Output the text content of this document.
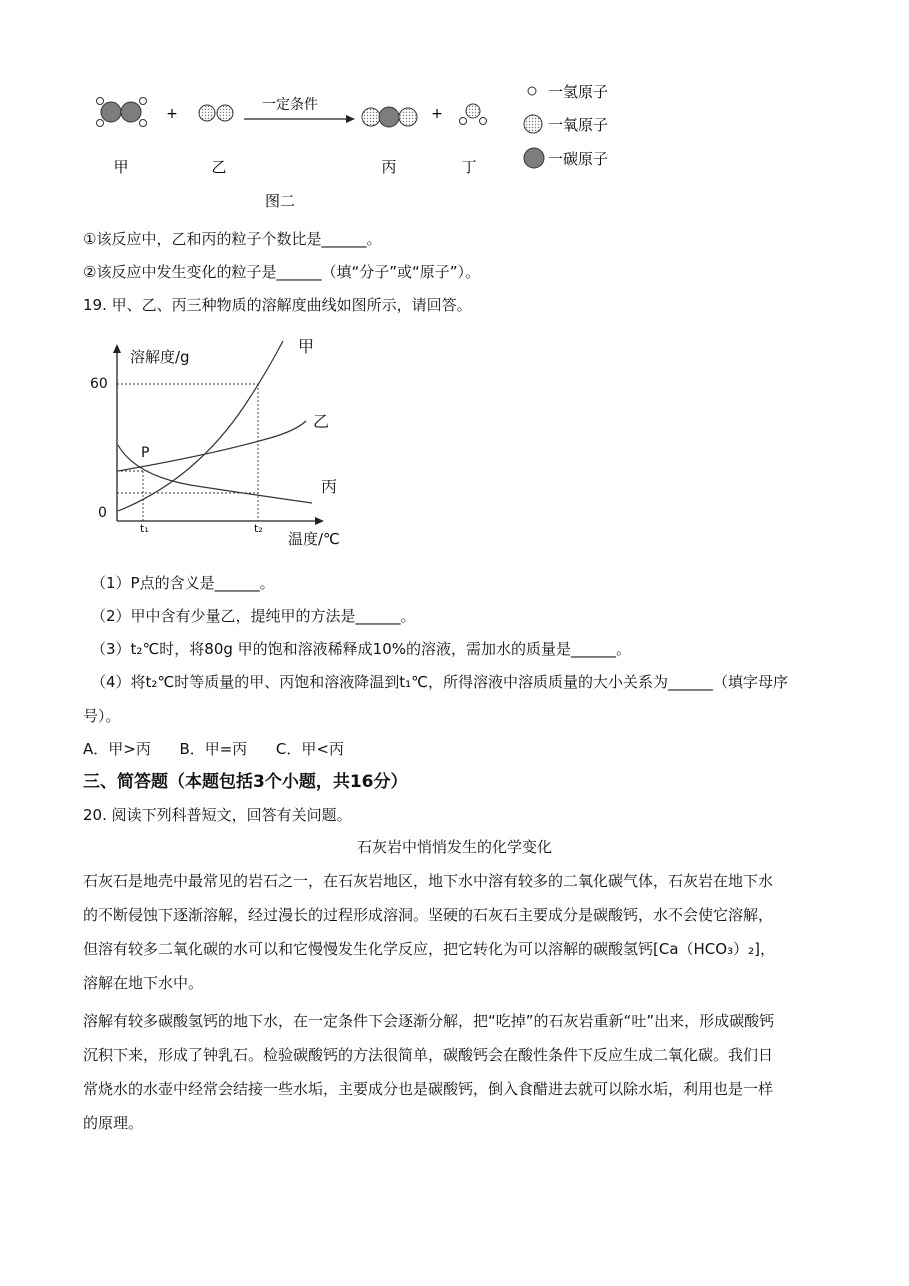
+
一定条件
+
甲	乙	丙	丁
一氢原子
一氧原子
一碳原子
图二
①该反应中，乙和丙的粒子个数比是______。
②该反应中发生变化的粒子是______（填“分子”或“原子”）。
19. 甲、乙、丙三种物质的溶解度曲线如图所示，请回答。
溶解度/g
温度/℃
60
0
t₁	t₂
甲
乙
丙
P
（1）P点的含义是______。
（2）甲中含有少量乙，提纯甲的方法是______。
（3）t₂℃时，将80g 甲的饱和溶液稀释成10%的溶液，需加水的质量是______。
（4）将t₂℃时等质量的甲、丙饱和溶液降温到t₁℃，所得溶液中溶质质量的大小关系为______（填字母序
号）。
A．甲>丙      B．甲=丙      C．甲<丙
三、简答题（本题包括3个小题，共16分）
20. 阅读下列科普短文，回答有关问题。
石灰岩中悄悄发生的化学变化
石灰石是地壳中最常见的岩石之一，在石灰岩地区，地下水中溶有较多的二氧化碳气体，石灰岩在地下水
的不断侵蚀下逐渐溶解，经过漫长的过程形成溶洞。坚硬的石灰石主要成分是碳酸钙，水不会使它溶解，
但溶有较多二氧化碳的水可以和它慢慢发生化学反应，把它转化为可以溶解的碳酸氢钙[Ca（HCO₃）₂]，
溶解在地下水中。
溶解有较多碳酸氢钙的地下水，在一定条件下会逐渐分解，把“吃掉”的石灰岩重新“吐”出来，形成碳酸钙
沉积下来，形成了钟乳石。检验碳酸钙的方法很简单，碳酸钙会在酸性条件下反应生成二氧化碳。我们日
常烧水的水壶中经常会结接一些水垢，主要成分也是碳酸钙，倒入食醋进去就可以除水垢，利用也是一样
的原理。
